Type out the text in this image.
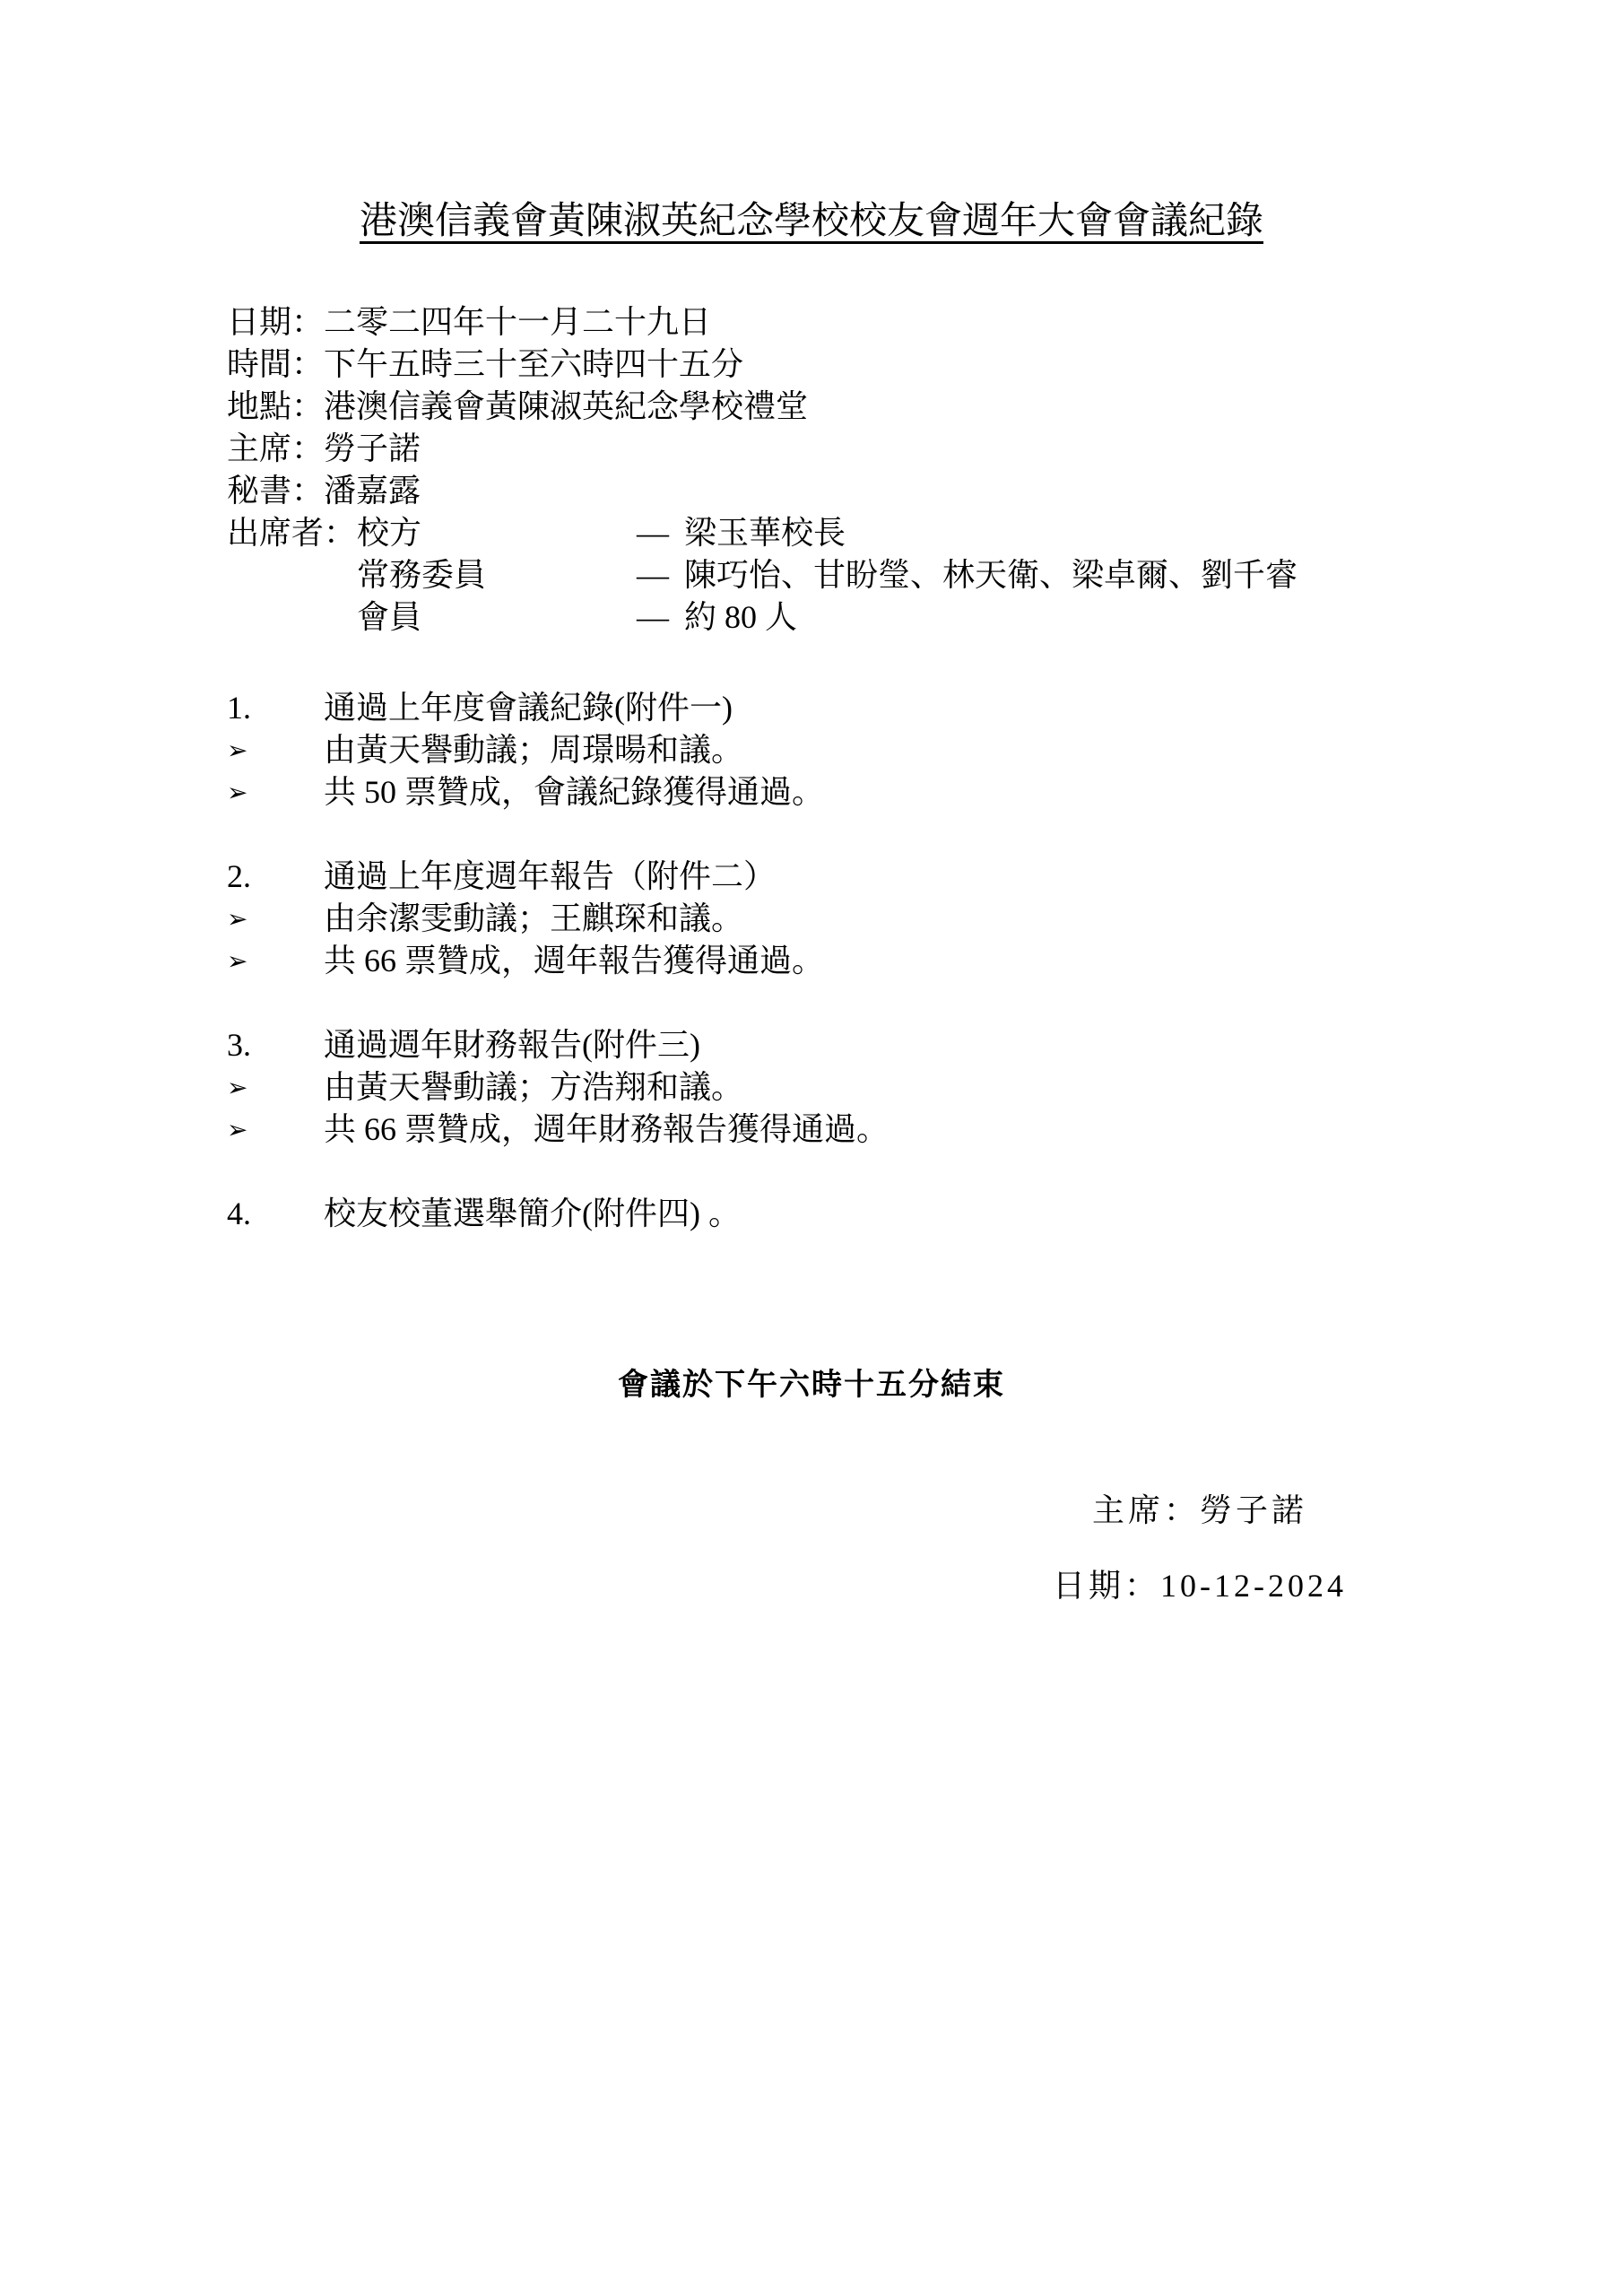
港澳信義會黃陳淑英紀念學校校友會週年大會會議紀錄
日期：二零二四年十一月二十九日
時間：下午五時三十至六時四十五分
地點：港澳信義會黃陳淑英紀念學校禮堂
主席：勞子諾
秘書：潘嘉露
出席者： 校方	— 梁玉華校長
常務委員	— 陳巧怡、甘盼瑩、林天衛、梁卓爾、劉千睿
會員	— 約 80 人
1.	通過上年度會議紀錄(附件一)
➢	由黃天譽動議；周璟暘和議。
➢	共 50 票贊成，會議紀錄獲得通過。
2.	通過上年度週年報告（附件二）
➢	由余潔雯動議；王麒琛和議。
➢	共 66 票贊成，週年報告獲得通過。
3.	通過週年財務報告(附件三)
➢	由黃天譽動議；方浩翔和議。
➢	共 66 票贊成，週年財務報告獲得通過。
4.	校友校董選舉簡介(附件四) 。
會議於下午六時十五分結束
主席：勞子諾
日期：10-12-2024
